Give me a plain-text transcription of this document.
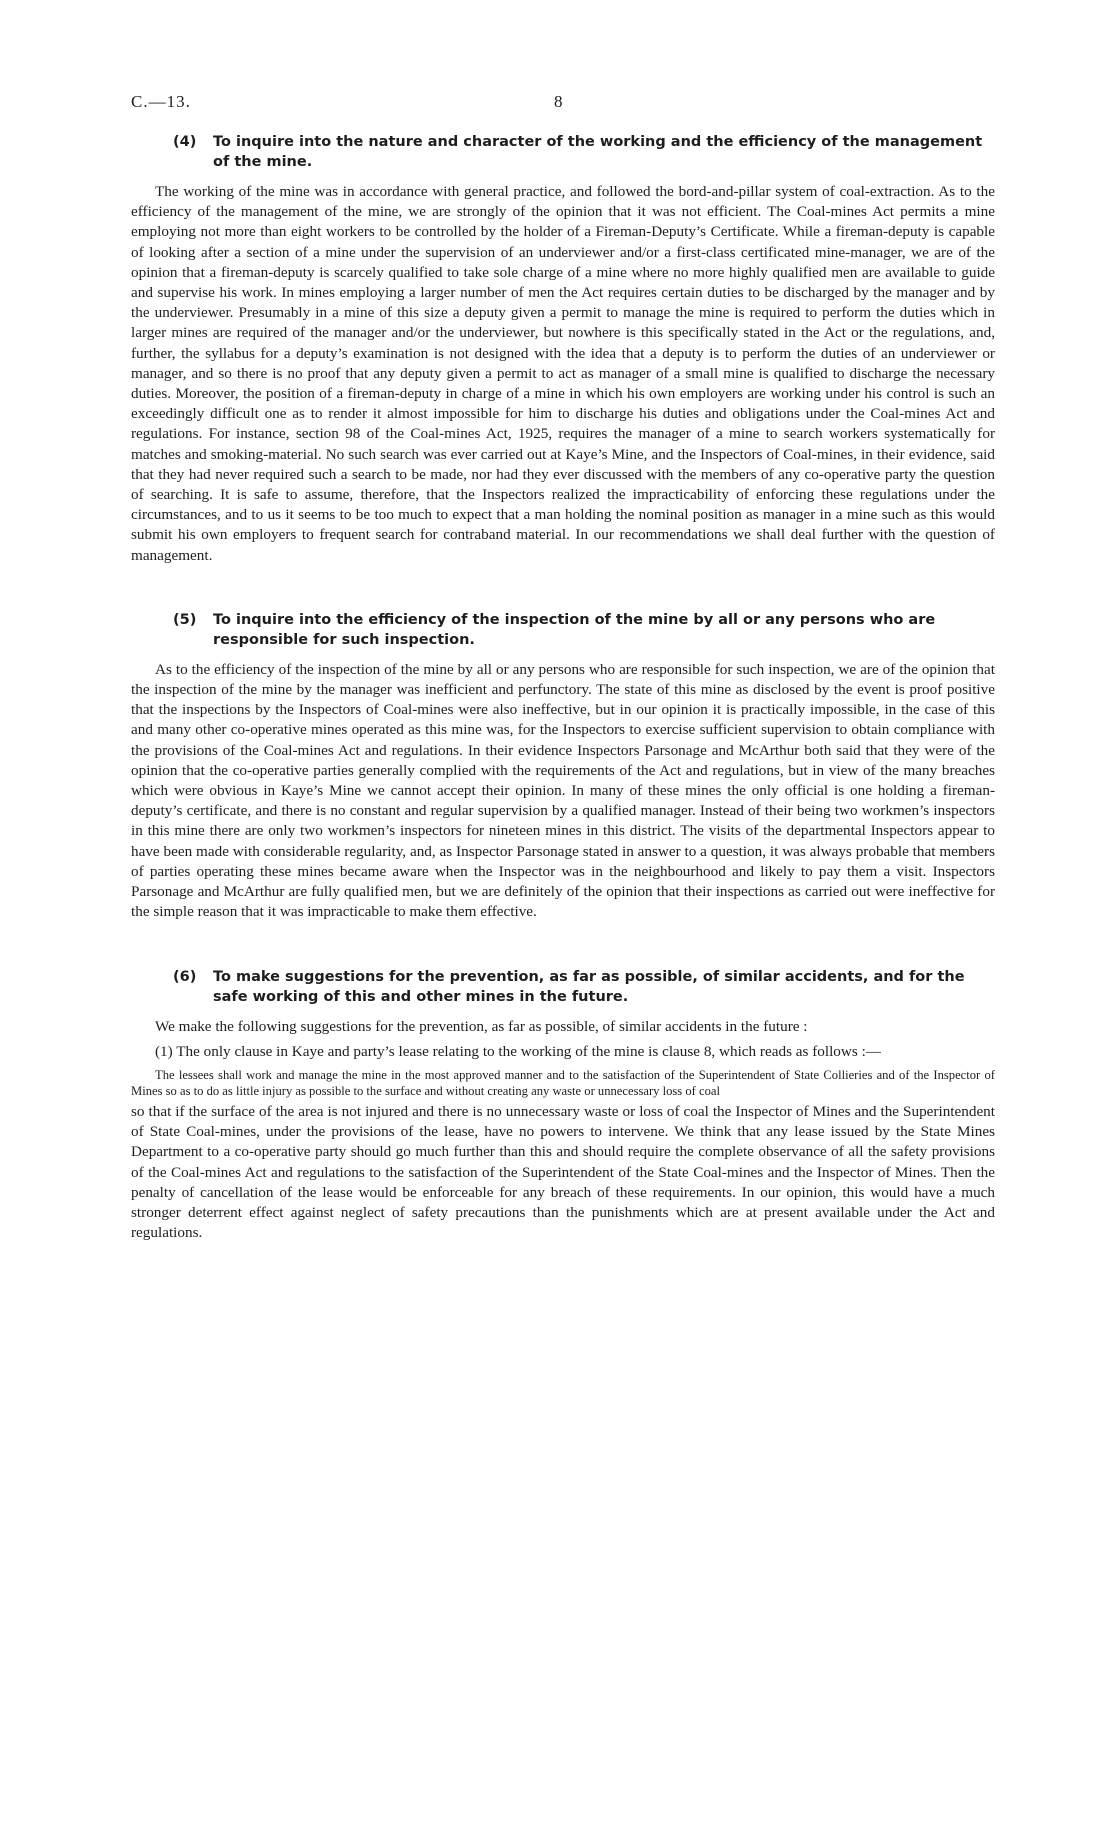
C.—13.	8
(4) To inquire into the nature and character of the working and the efficiency of the management of the mine.

The working of the mine was in accordance with general practice, and followed the bord-and-pillar system of coal-extraction. As to the efficiency of the management of the mine, we are strongly of the opinion that it was not efficient. The Coal-mines Act permits a mine employing not more than eight workers to be controlled by the holder of a Fireman-Deputy’s Certificate. While a fireman-deputy is capable of looking after a section of a mine under the supervision of an underviewer and/or a first-class certificated mine-manager, we are of the opinion that a fireman-deputy is scarcely qualified to take sole charge of a mine where no more highly qualified men are available to guide and supervise his work. In mines employing a larger number of men the Act requires certain duties to be discharged by the manager and by the underviewer. Presumably in a mine of this size a deputy given a permit to manage the mine is required to perform the duties which in larger mines are required of the manager and/or the underviewer, but nowhere is this specifically stated in the Act or the regulations, and, further, the syllabus for a deputy’s examination is not designed with the idea that a deputy is to perform the duties of an underviewer or manager, and so there is no proof that any deputy given a permit to act as manager of a small mine is qualified to discharge the necessary duties. Moreover, the position of a fireman-deputy in charge of a mine in which his own employers are working under his control is such an exceedingly difficult one as to render it almost impossible for him to discharge his duties and obligations under the Coal-mines Act and regulations. For instance, section 98 of the Coal-mines Act, 1925, requires the manager of a mine to search workers systematically for matches and smoking-material. No such search was ever carried out at Kaye’s Mine, and the Inspectors of Coal-mines, in their evidence, said that they had never required such a search to be made, nor had they ever discussed with the members of any co-operative party the question of searching. It is safe to assume, therefore, that the Inspectors realized the impracticability of enforcing these regulations under the circumstances, and to us it seems to be too much to expect that a man holding the nominal position as manager in a mine such as this would submit his own employers to frequent search for contraband material. In our recommendations we shall deal further with the question of management.

(5) To inquire into the efficiency of the inspection of the mine by all or any persons who are responsible for such inspection.

As to the efficiency of the inspection of the mine by all or any persons who are responsible for such inspection, we are of the opinion that the inspection of the mine by the manager was inefficient and perfunctory. The state of this mine as disclosed by the event is proof positive that the inspections by the Inspectors of Coal-mines were also ineffective, but in our opinion it is practically impossible, in the case of this and many other co-operative mines operated as this mine was, for the Inspectors to exercise sufficient supervision to obtain compliance with the provisions of the Coal-mines Act and regulations. In their evidence Inspectors Parsonage and McArthur both said that they were of the opinion that the co-operative parties generally complied with the requirements of the Act and regulations, but in view of the many breaches which were obvious in Kaye’s Mine we cannot accept their opinion. In many of these mines the only official is one holding a fireman-deputy’s certificate, and there is no constant and regular supervision by a qualified manager. Instead of their being two workmen’s inspectors in this mine there are only two workmen’s inspectors for nineteen mines in this district. The visits of the departmental Inspectors appear to have been made with considerable regularity, and, as Inspector Parsonage stated in answer to a question, it was always probable that members of parties operating these mines became aware when the Inspector was in the neighbourhood and likely to pay them a visit. Inspectors Parsonage and McArthur are fully qualified men, but we are definitely of the opinion that their inspections as carried out were ineffective for the simple reason that it was impracticable to make them effective.

(6) To make suggestions for the prevention, as far as possible, of similar accidents, and for the safe working of this and other mines in the future.

We make the following suggestions for the prevention, as far as possible, of similar accidents in the future :

(1) The only clause in Kaye and party’s lease relating to the working of the mine is clause 8, which reads as follows :—

The lessees shall work and manage the mine in the most approved manner and to the satisfaction of the Superintendent of State Collieries and of the Inspector of Mines so as to do as little injury as possible to the surface and without creating any waste or unnecessary loss of coal

so that if the surface of the area is not injured and there is no unnecessary waste or loss of coal the Inspector of Mines and the Superintendent of State Coal-mines, under the provisions of the lease, have no powers to intervene. We think that any lease issued by the State Mines Department to a co-operative party should go much further than this and should require the complete observance of all the safety provisions of the Coal-mines Act and regulations to the satisfaction of the Superintendent of the State Coal-mines and the Inspector of Mines. Then the penalty of cancellation of the lease would be enforceable for any breach of these requirements. In our opinion, this would have a much stronger deterrent effect against neglect of safety precautions than the punishments which are at present available under the Act and regulations.
